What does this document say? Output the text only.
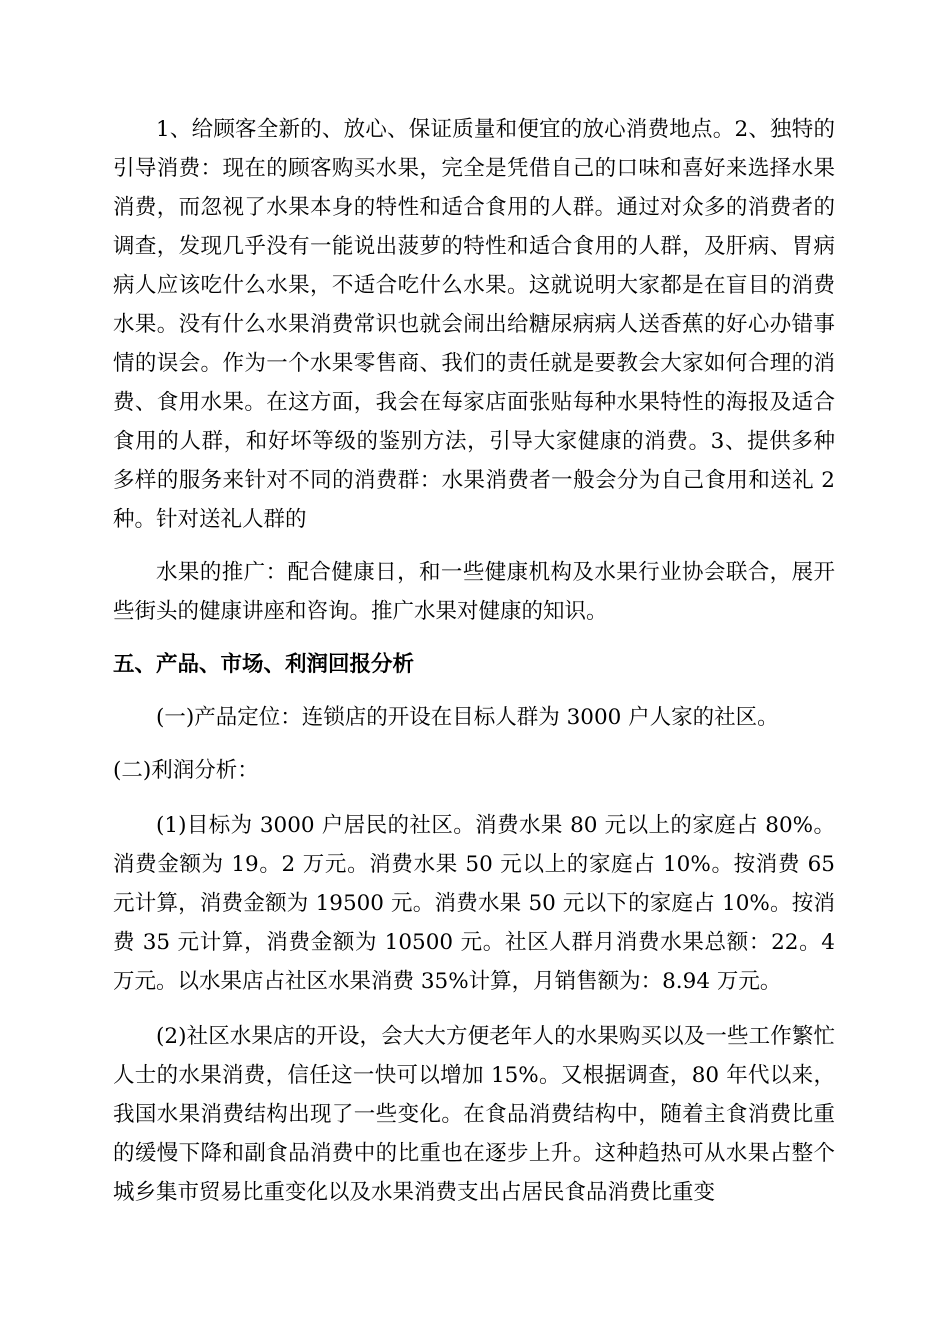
1、给顾客全新的、放心、保证质量和便宜的放心消费地点。2、独特的引导消费：现在的顾客购买水果，完全是凭借自己的口味和喜好来选择水果消费，而忽视了水果本身的特性和适合食用的人群。通过对众多的消费者的调查，发现几乎没有一能说出菠萝的特性和适合食用的人群，及肝病、胃病病人应该吃什么水果，不适合吃什么水果。这就说明大家都是在盲目的消费水果。没有什么水果消费常识也就会闹出给糖尿病病人送香蕉的好心办错事情的误会。作为一个水果零售商、我们的责任就是要教会大家如何合理的消费、食用水果。在这方面，我会在每家店面张贴每种水果特性的海报及适合食用的人群，和好坏等级的鉴别方法，引导大家健康的消费。3、提供多种多样的服务来针对不同的消费群：水果消费者一般会分为自己食用和送礼 2 种。针对送礼人群的

水果的推广：配合健康日，和一些健康机构及水果行业协会联合，展开些街头的健康讲座和咨询。推广水果对健康的知识。

五、产品、市场、利润回报分析

(一)产品定位：连锁店的开设在目标人群为 3000 户人家的社区。

(二)利润分析：

(1)目标为 3000 户居民的社区。消费水果 80 元以上的家庭占 80%。消费金额为 19。2 万元。消费水果 50 元以上的家庭占 10%。按消费 65 元计算，消费金额为 19500 元。消费水果 50 元以下的家庭占 10%。按消费 35 元计算，消费金额为 10500 元。社区人群月消费水果总额：22。4 万元。以水果店占社区水果消费 35%计算，月销售额为：8.94 万元。

(2)社区水果店的开设，会大大方便老年人的水果购买以及一些工作繁忙人士的水果消费，信任这一快可以增加 15%。又根据调查，80 年代以来，我国水果消费结构出现了一些变化。在食品消费结构中，随着主食消费比重的缓慢下降和副食品消费中的比重也在逐步上升。这种趋热可从水果占整个城乡集市贸易比重变化以及水果消费支出占居民食品消费比重变
